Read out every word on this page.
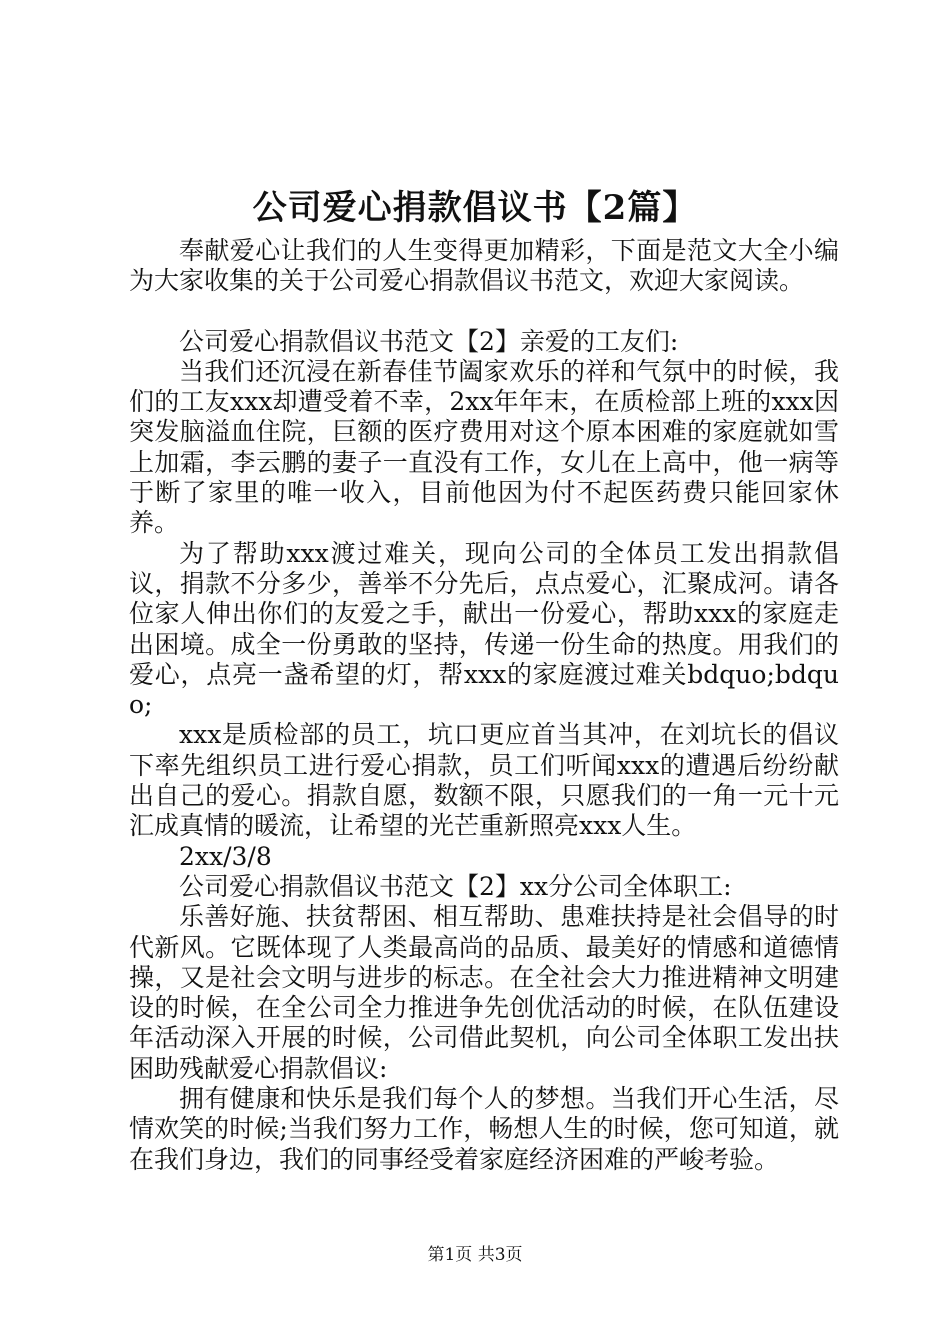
公司爱心捐款倡议书【2篇】

奉献爱心让我们的人生变得更加精彩，下面是范文大全小编为大家收集的关于公司爱心捐款倡议书范文，欢迎大家阅读。

公司爱心捐款倡议书范文【2】亲爱的工友们:

当我们还沉浸在新春佳节阖家欢乐的祥和气氛中的时候，我们的工友xxx却遭受着不幸，2xx年年末，在质检部上班的xxx因突发脑溢血住院，巨额的医疗费用对这个原本困难的家庭就如雪上加霜，李云鹏的妻子一直没有工作，女儿在上高中，他一病等于断了家里的唯一收入，目前他因为付不起医药费只能回家休养。

为了帮助xxx渡过难关，现向公司的全体员工发出捐款倡议，捐款不分多少，善举不分先后，点点爱心，汇聚成河。请各位家人伸出你们的友爱之手，献出一份爱心，帮助xxx的家庭走出困境。成全一份勇敢的坚持，传递一份生命的热度。用我们的爱心，点亮一盏希望的灯，帮xxx的家庭渡过难关bdquo;bdquo;

xxx是质检部的员工，坑口更应首当其冲，在刘坑长的倡议下率先组织员工进行爱心捐款，员工们听闻xxx的遭遇后纷纷献出自己的爱心。捐款自愿，数额不限，只愿我们的一角一元十元汇成真情的暖流，让希望的光芒重新照亮xxx人生。

2xx/3/8

公司爱心捐款倡议书范文【2】xx分公司全体职工:

乐善好施、扶贫帮困、相互帮助、患难扶持是社会倡导的时代新风。它既体现了人类最高尚的品质、最美好的情感和道德情操，又是社会文明与进步的标志。在全社会大力推进精神文明建设的时候，在全公司全力推进争先创优活动的时候，在队伍建设年活动深入开展的时候，公司借此契机，向公司全体职工发出扶困助残献爱心捐款倡议:

拥有健康和快乐是我们每个人的梦想。当我们开心生活，尽情欢笑的时候;当我们努力工作，畅想人生的时候，您可知道，就在我们身边，我们的同事经受着家庭经济困难的严峻考验。

第1页 共3页
